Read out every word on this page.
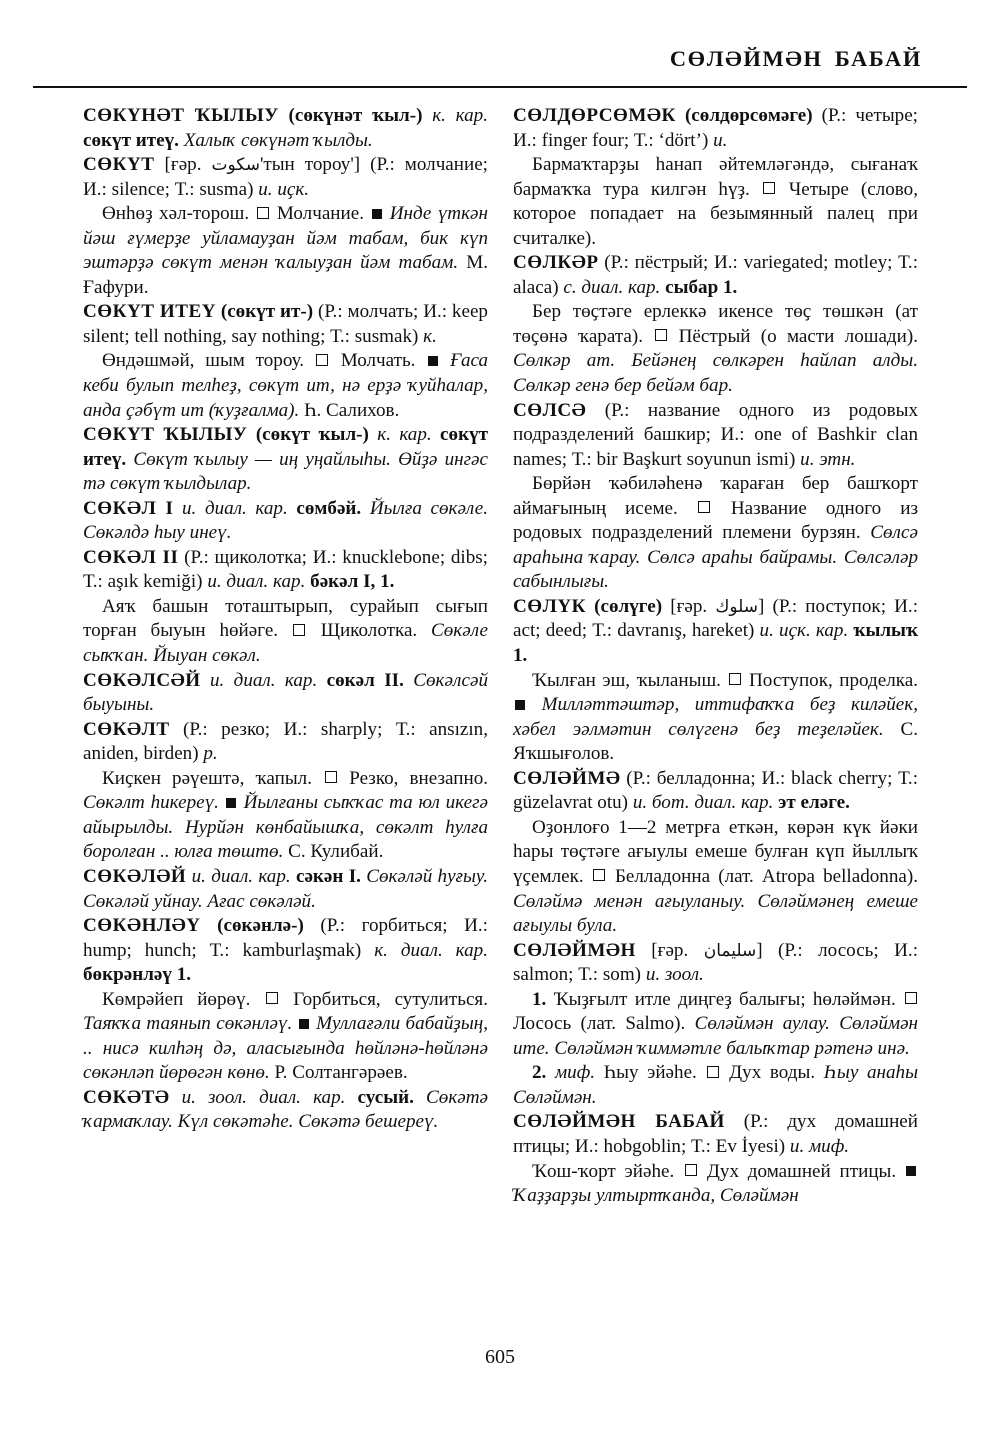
СӨЛӘЙМӘН БАБАЙ

СӨКҮНӘТ ҠЫЛЫУ (сөкүнәт ҡыл-) к. кар. сөкүт итеү. Халыҡ сөкүнәт ҡылды.

СӨКҮТ [ғәр. سكوت'тын тороу'] (Р.: молчание; И.: silence; Т.: susma) и. иҫк.

Өнһөҙ хәл-торош. Молчание. Инде үткән йәш ғүмерҙе уйламауҙан йәм табам, бик күп эштәрҙә сөкүт менән ҡалыуҙан йәм табам. М. Ғафури.

СӨКҮТ ИТЕҮ (сөкүт ит-) (Р.: молчать; И.: keep silent; tell nothing, say nothing; Т.: susmak) к.

Өндәшмәй, шым тороу. Молчать. Ғаса кеби булып телһеҙ, сөкүт ит, нә ерҙә ҡуйһалар, анда ҫәбүт ит (ҡуҙғалма). Һ. Салихов.

СӨКҮТ ҠЫЛЫУ (сөкүт ҡыл-) к. кар. сөкүт итеү. Сөкүт ҡылыу — иң уңайлыһы. Өйҙә ингәс тә сөкүт ҡылдылар.

СӨКӘЛ I и. диал. кар. сөмбәй. Йылға сөкәле. Сөкәлдә һыу инеү.

СӨКӘЛ II (Р.: щиколотка; И.: knucklebone; dibs; Т.: aşık kemiği) и. диал. кар. бәкәл I, 1.

Аяҡ башын тоташтырып, сурайып сығып торған быуын һөйәге. Щиколотка. Сөкәле сыҡҡан. Йыуан сөкәл.

СӨКӘЛСӘЙ и. диал. кар. сөкәл II. Сөкәлсәй быуыны.

СӨКӘЛТ (Р.: резко; И.: sharply; Т.: ansızın, aniden, birden) р.

Киҫкен рәүештә, ҡапыл. Резко, внезапно. Сөкәлт һикереү. Йылғаны сыҡҡас та юл икегә айырылды. Нурйән көнбайышҡа, сөкәлт һулға боролған .. юлға төштө. С. Кулибай.

СӨКӘЛӘЙ и. диал. кар. сәкән I. Сөкәләй һуғыу. Сөкәләй уйнау. Ағас сөкәләй.

СӨКӘНЛӘҮ (сөкәнлә-) (Р.: горбиться; И.: hump; hunch; Т.: kamburlaşmak) к. диал. кар. бөкрәнләү 1.

Көмрәйеп йөрөү. Горбиться, сутулиться. Таяҡҡа таянып сөкәнләү. Муллағәли бабайҙың, .. нисә килһәң дә, аласығында һөйләнә-һөйләнә сөкәнләп йөрөгән көнө. Р. Солтангәрәев.

СӨКӘТӘ и. зоол. диал. кар. сусый. Сөкәтә ҡармаҡлау. Күл сөкәтәһе. Сөкәтә бешереү.

СӨЛДӨРСӨМӘК (сөлдөрсөмәге) (Р.: четыре; И.: finger four; Т.: ‘dört’) и.

Бармаҡтарҙы һанап әйтемләгәндә, сығанаҡ бармаҡҡа тура килгән һүҙ. Четыре (слово, которое попадает на безымянный палец при считалке).

СӨЛКӘР (Р.: пёстрый; И.: variegated; motley; Т.: alaca) с. диал. кар. сыбар 1.

Бер төҫтәге ерлеккә икенсе төҫ төшкән (ат төҫөнә ҡарата). Пёстрый (о масти лошади). Сөлкәр ат. Бейәнең сөлкәрен һайлап алды. Сөлкәр генә бер бейәм бар.

СӨЛСӘ (Р.: название одного из родовых подразделений башкир; И.: one of Bashkir clan names; Т.: bir Başkurt soyunun ismi) и. этн.

Бөрйән ҡәбиләһенә ҡараған бер башҡорт аймағының исеме.	Название одного из родовых подразделений племени бурзян. Сөлсә араһына ҡарау. Сөлсә араһы байрамы. Сөлсәләр сабынлығы.

СӨЛҮК (сөлүге) [ғәр. سلوك] (Р.: поступок; И.: act; deed; Т.: davranış, hareket) и. иҫк. кар. ҡылыҡ 1.

Ҡылған эш, ҡыланыш. Поступок, проделка.  Милләттәштәр, иттифаҡҡа беҙ киләйек, хәбел эәлмәтин сөлүгенә беҙ теҙеләйек. С. Яҡшығолов.

СӨЛӘЙМӘ (Р.: белладонна; И.: black cherry; Т.: güzelavrat otu) и. бот. диал. кар. эт еләге.

Оҙонлоғо 1—2 метрға еткән, көрән күк йәки һары төҫтәге ағыулы емеше булған күп йыллыҡ үҫемлек. Белладонна (лат. Atropa belladonna). Сөләймә менән ағыуланыу. Сөләймәнең емеше ағыулы була.

СӨЛӘЙМӘН [ғәр. سليمان] (Р.: лосось; И.: salmon; Т.: som) и. зоол.

1. Ҡыҙғылт итле диңгеҙ балығы; һөләймән.  Лосось (лат. Salmo). Сөләймән аулау. Сөләймән ите. Сөләймән ҡиммәтле балыҡтар рәтенә инә.

2. миф. Һыу эйәһе. Дух воды. Һыу анаһы Сөләймән.

СӨЛӘЙМӘН БАБАЙ (Р.: дух домашней птицы; И.: hobgoblin; Т.: Ev İyesi) и. миф.

Ҡош-ҡорт эйәһе. Дух домашней птицы.  Ҡаҙҙарҙы ултыртҡанда, Сөләймән

605
